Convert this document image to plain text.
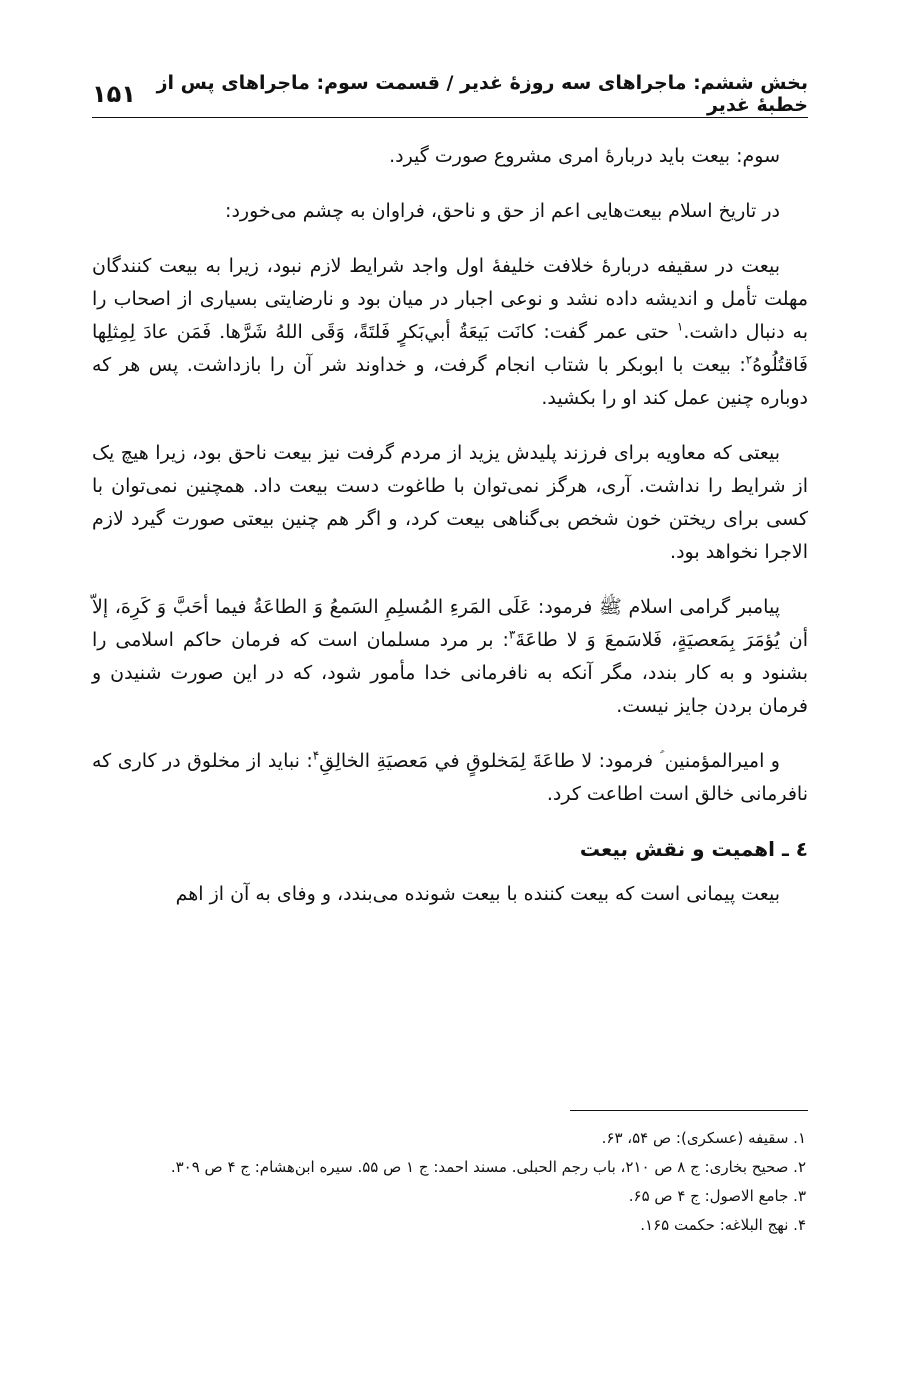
بخش ششم: ماجراهای سه روزهٔ غدیر / قسمت سوم: ماجراهای پس از خطبهٔ غدیر
۱۵۱

سوم: بیعت باید دربارهٔ امری مشروع صورت گیرد.

در تاریخ اسلام بیعت‌هایی اعم از حق و ناحق، فراوان به چشم می‌خورد:

بیعت در سقیفه دربارهٔ خلافت خلیفهٔ اول واجد شرایط لازم نبود، زیرا به بیعت کنندگان مهلت تأمل و اندیشه داده نشد و نوعی اجبار در میان بود و نارضایتی بسیاری از اصحاب را به دنبال داشت.$^۱$ حتی عمر گفت: كانَت بَيعَةُ أبي‌بَكرٍ فَلتَةً، وَقَى اللهُ شَرَّها. فَمَن عادَ لِمِثلِها فَاقتُلُوهُ$^۲$: بیعت با ابوبکر با شتاب انجام گرفت، و خداوند شر آن را بازداشت. پس هر که دوباره چنین عمل کند او را بکشید.

بیعتی که معاویه برای فرزند پلیدش یزید از مردم گرفت نیز بیعت ناحق بود، زیرا هیچ یک از شرایط را نداشت. آری، هرگز نمی‌توان با طاغوت دست بیعت داد. همچنین نمی‌توان با کسی برای ریختن خون شخص بی‌گناهی بیعت کرد، و اگر هم چنین بیعتی صورت گیرد لازم الاجرا نخواهد بود.

پیامبر گرامی اسلام ﷺ فرمود: عَلَى المَرءِ المُسلِمِ السَمعُ وَ الطاعَةُ فيما أحَبَّ وَ كَرِهَ، إلاّ أن يُؤمَرَ بِمَعصيَةٍ، فَلاسَمعَ وَ لا طاعَةَ$^۳$: بر مرد مسلمان است که فرمان حاکم اسلامی را بشنود و به کار بندد، مگر آنکه به نافرمانی خدا مأمور شود، که در این صورت شنیدن و فرمان بردن جایز نیست.

و امیرالمؤمنین ؑ فرمود: لا طاعَةَ لِمَخلوقٍ في مَعصيَةِ الخالِقِ$^۴$: نباید از مخلوق در کاری که نافرمانی خالق است اطاعت کرد.

٤ ـ اهمیت و نقش بیعت

بیعت پیمانی است که بیعت کننده با بیعت شونده می‌بندد، و وفای به آن از اهم

۱. سقیفه (عسکری): ص ۵۴، ۶۳.

۲. صحیح بخاری: ج ۸ ص ۲۱۰، باب رجم الحبلی. مسند احمد: ج ۱ ص ۵۵. سیره ابن‌هشام: ج ۴ ص ۳۰۹.

۳. جامع الاصول: ج ۴ ص ۶۵.

۴. نهج البلاغه: حکمت ۱۶۵.
